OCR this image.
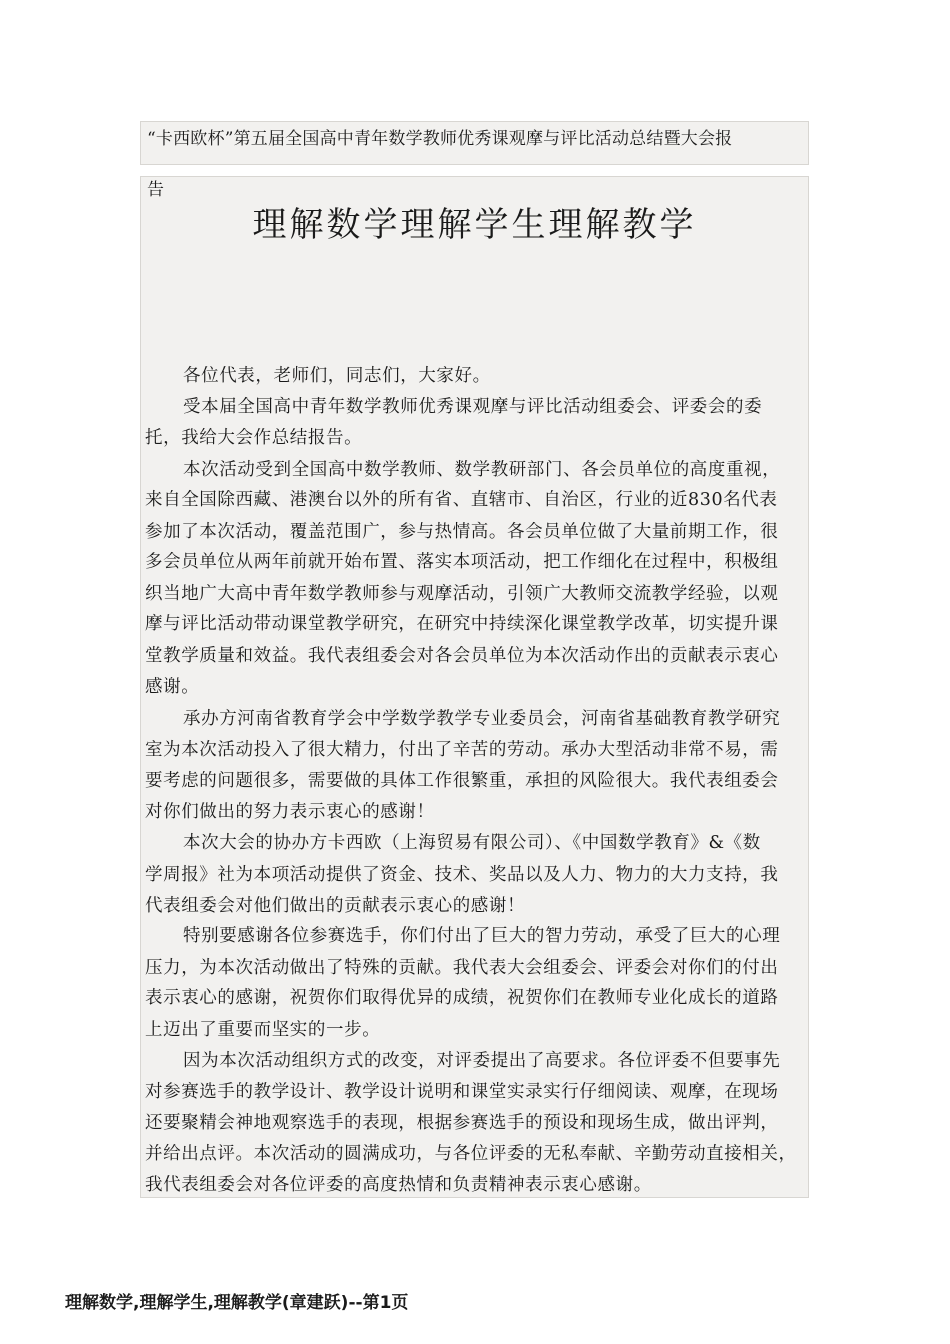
“卡西欧杯”第五届全国高中青年数学教师优秀课观摩与评比活动总结暨大会报
告
理解数学理解学生理解教学
各位代表，老师们，同志们，大家好。
受本届全国高中青年数学教师优秀课观摩与评比活动组委会、评委会的委
托，我给大会作总结报告。
本次活动受到全国高中数学教师、数学教研部门、各会员单位的高度重视，
来自全国除西藏、港澳台以外的所有省、直辖市、自治区，行业的近830名代表
参加了本次活动，覆盖范围广，参与热情高。各会员单位做了大量前期工作，很
多会员单位从两年前就开始布置、落实本项活动，把工作细化在过程中，积极组
织当地广大高中青年数学教师参与观摩活动，引领广大教师交流教学经验，以观
摩与评比活动带动课堂教学研究，在研究中持续深化课堂教学改革，切实提升课
堂教学质量和效益。我代表组委会对各会员单位为本次活动作出的贡献表示衷心
感谢。
承办方河南省教育学会中学数学教学专业委员会，河南省基础教育教学研究
室为本次活动投入了很大精力，付出了辛苦的劳动。承办大型活动非常不易，需
要考虑的问题很多，需要做的具体工作很繁重，承担的风险很大。我代表组委会
对你们做出的努力表示衷心的感谢！
本次大会的协办方卡西欧（上海贸易有限公司）、《中国数学教育》&《数
学周报》社为本项活动提供了资金、技术、奖品以及人力、物力的大力支持，我
代表组委会对他们做出的贡献表示衷心的感谢！
特别要感谢各位参赛选手，你们付出了巨大的智力劳动，承受了巨大的心理
压力，为本次活动做出了特殊的贡献。我代表大会组委会、评委会对你们的付出
表示衷心的感谢，祝贺你们取得优异的成绩，祝贺你们在教师专业化成长的道路
上迈出了重要而坚实的一步。
因为本次活动组织方式的改变，对评委提出了高要求。各位评委不但要事先
对参赛选手的教学设计、教学设计说明和课堂实录实行仔细阅读、观摩，在现场
还要聚精会神地观察选手的表现，根据参赛选手的预设和现场生成，做出评判，
并给出点评。本次活动的圆满成功，与各位评委的无私奉献、辛勤劳动直接相关，
我代表组委会对各位评委的高度热情和负责精神表示衷心感谢。
理解数学,理解学生,理解教学(章建跃)--第1页
